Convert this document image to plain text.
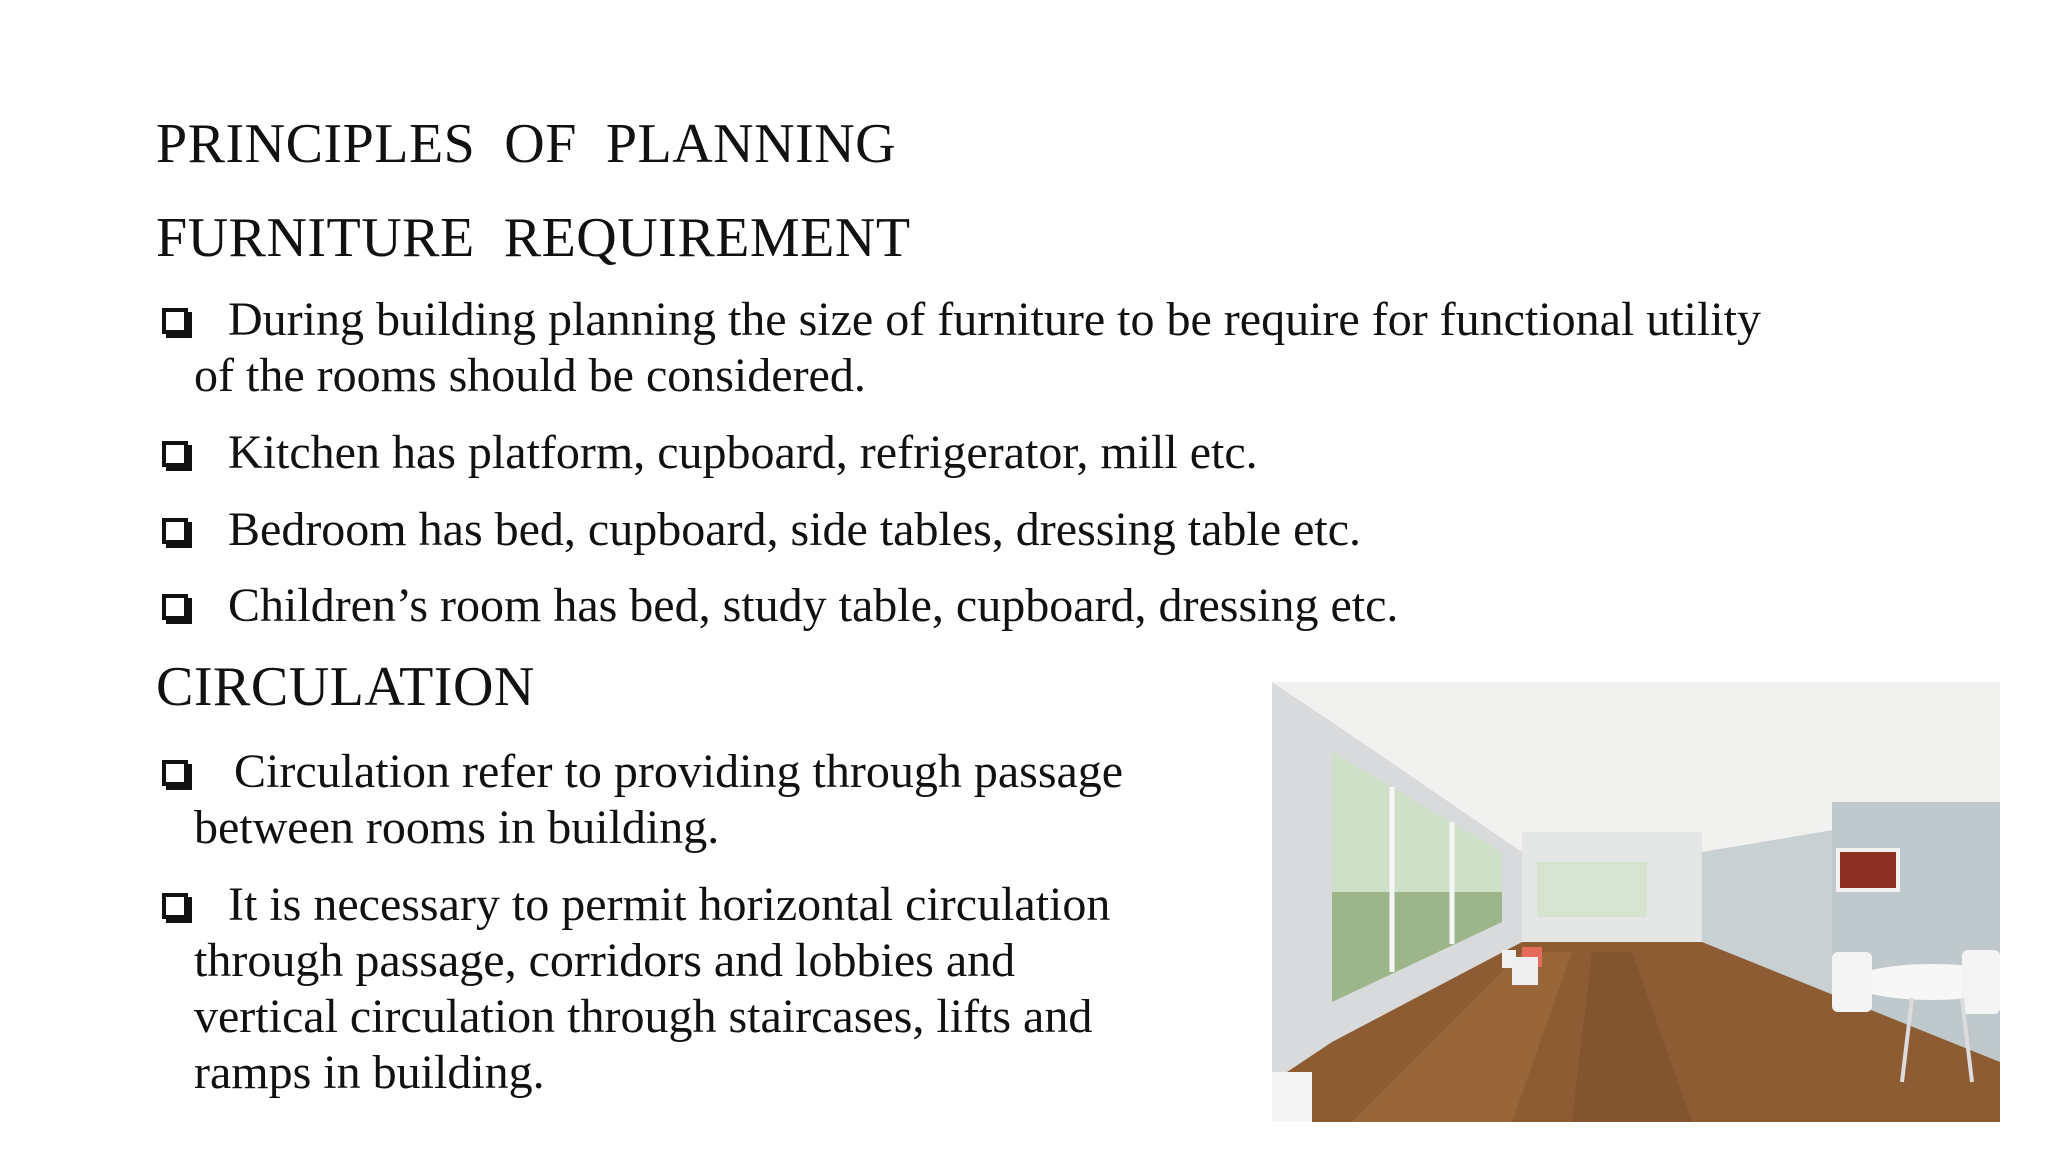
PRINCIPLES  OF  PLANNING
FURNITURE  REQUIREMENT
During building planning the size of furniture to be require for functional utility
of the rooms should be considered.
Kitchen has platform, cupboard, refrigerator, mill etc.
Bedroom has bed, cupboard, side tables, dressing table etc.
Children’s room has bed, study table, cupboard, dressing etc.
CIRCULATION
Circulation refer to providing through passage
between rooms in building.
It is necessary to permit horizontal circulation
through passage, corridors and lobbies and
vertical circulation through staircases, lifts and
ramps in building.
